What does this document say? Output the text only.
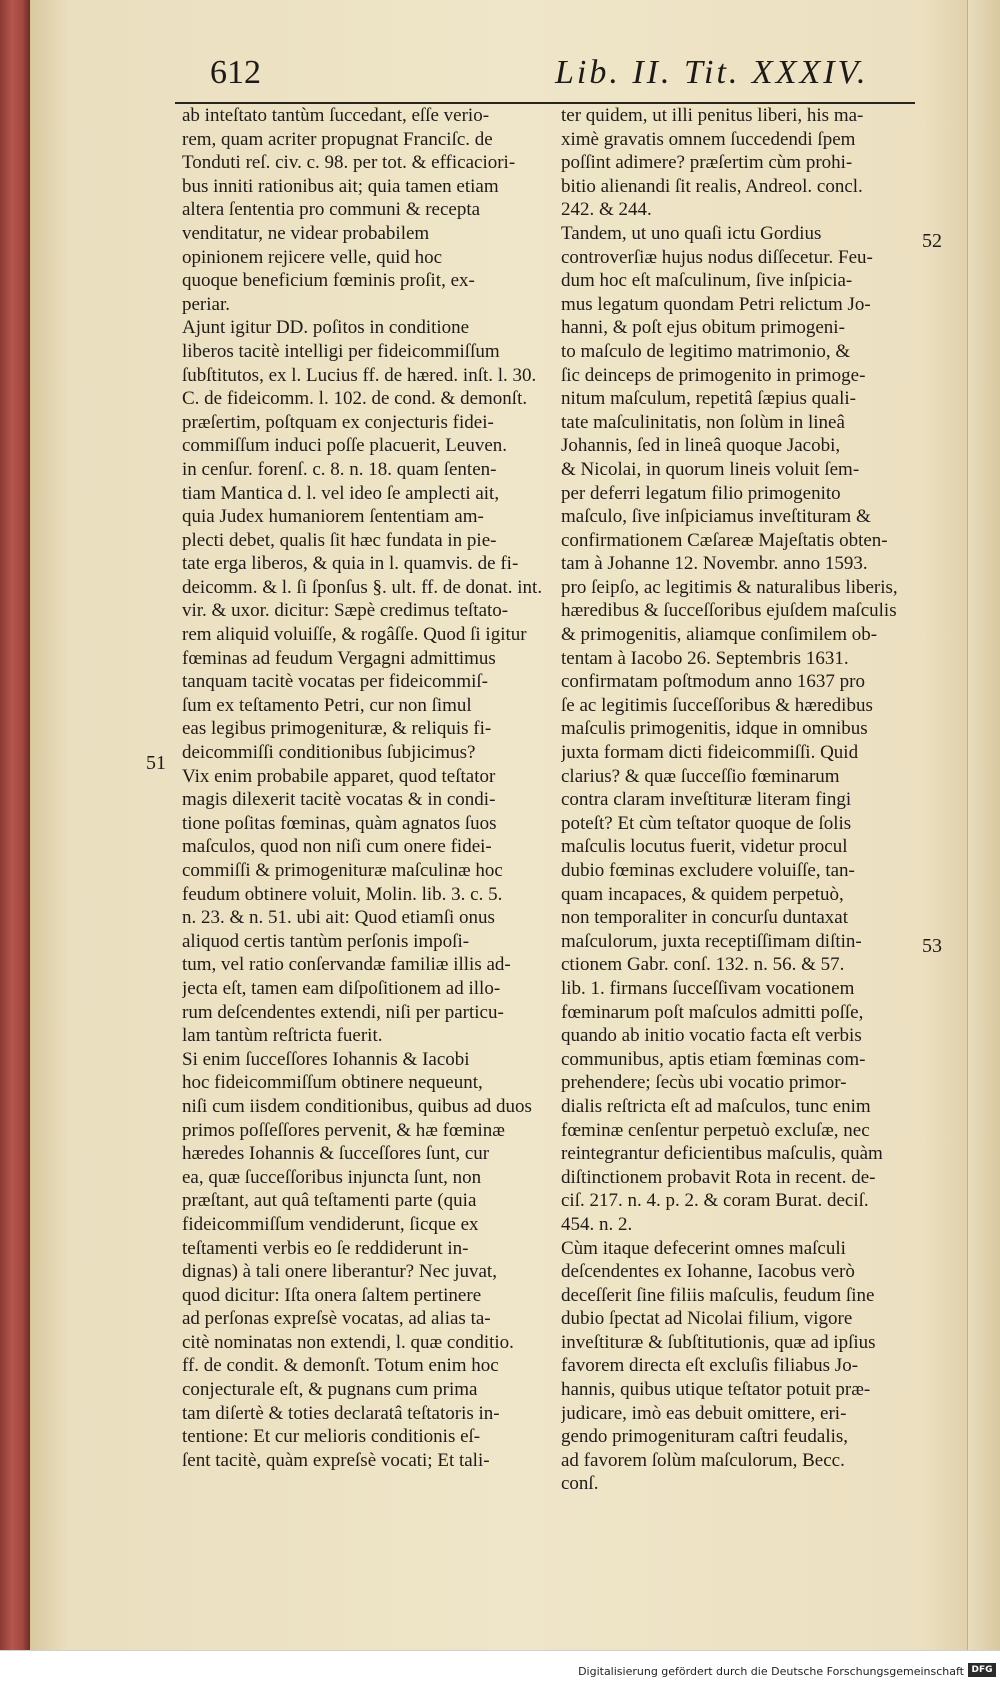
612	Lib. II. Tit. XXXIV.
ab inteſtato tantùm ſuccedant, eſſe verio-
rem, quam acriter propugnat Franciſc. de
Tonduti reſ. civ. c. 98. per tot. & efficaciori-
bus inniti rationibus ait; quia tamen etiam
altera ſententia pro communi & recepta
venditatur, ne videar probabilem
opinionem rejicere velle, quid hoc
quoque beneficium fœminis proſit, ex-
periar.
Ajunt igitur DD. poſitos in conditione
liberos tacitè intelligi per fideicommiſſum
ſubſtitutos, ex l. Lucius ff. de hæred. inſt. l. 30.
C. de fideicomm. l. 102. de cond. & demonſt.
præſertim, poſtquam ex conjecturis fidei-
commiſſum induci poſſe placuerit, Leuven.
in cenſur. forenſ. c. 8. n. 18. quam ſenten-
tiam Mantica d. l. vel ideo ſe amplecti ait,
quia Judex humaniorem ſententiam am-
plecti debet, qualis ſit hæc fundata in pie-
tate erga liberos, & quia in l. quamvis. de fi-
deicomm. & l. ſi ſponſus §. ult. ff. de donat. int.
vir. & uxor. dicitur: Sæpè credimus teſtato-
rem aliquid voluiſſe, & rogâſſe. Quod ſi igitur
fœminas ad feudum Vergagni admittimus
tanquam tacitè vocatas per fideicommiſ-
ſum ex teſtamento Petri, cur non ſimul
eas legibus primogenituræ, & reliquis fi-
deicommiſſi conditionibus ſubjicimus?
Vix enim probabile apparet, quod teſtator
magis dilexerit tacitè vocatas & in condi-
tione poſitas fœminas, quàm agnatos ſuos
maſculos, quod non niſi cum onere fidei-
commiſſi & primogenituræ maſculinæ hoc
feudum obtinere voluit, Molin. lib. 3. c. 5.
n. 23. & n. 51. ubi ait: Quod etiamſi onus
aliquod certis tantùm perſonis impoſi-
tum, vel ratio conſervandæ familiæ illis ad-
jecta eſt, tamen eam diſpoſitionem ad illo-
rum deſcendentes extendi, niſi per particu-
lam tantùm reſtricta fuerit.
Si enim ſucceſſores Iohannis & Iacobi
hoc fideicommiſſum obtinere nequeunt,
niſi cum iisdem conditionibus, quibus ad duos
primos poſſeſſores pervenit, & hæ fœminæ
hæredes Iohannis & ſucceſſores ſunt, cur
ea, quæ ſucceſſoribus injuncta ſunt, non
præſtant, aut quâ teſtamenti parte (quia
fideicommiſſum vendiderunt, ſicque ex
teſtamenti verbis eo ſe reddiderunt in-
dignas) à tali onere liberantur? Nec juvat,
quod dicitur: Iſta onera ſaltem pertinere
ad perſonas expreſsè vocatas, ad alias ta-
citè nominatas non extendi, l. quæ conditio.
ff. de condit. & demonſt. Totum enim hoc
conjecturale eſt, & pugnans cum prima
tam diſertè & toties declaratâ teſtatoris in-
tentione: Et cur melioris conditionis eſ-
ſent tacitè, quàm expreſsè vocati; Et tali-
ter quidem, ut illi penitus liberi, his ma-
ximè gravatis omnem ſuccedendi ſpem
poſſint adimere? præſertim cùm prohi-
bitio alienandi ſit realis, Andreol. concl.
242. & 244.
Tandem, ut uno quaſi ictu Gordius
controverſiæ hujus nodus diſſecetur. Feu-
dum hoc eſt maſculinum, ſive inſpicia-
mus legatum quondam Petri relictum Jo-
hanni, & poſt ejus obitum primogeni-
to maſculo de legitimo matrimonio, &
ſic deinceps de primogenito in primoge-
nitum maſculum, repetitâ ſæpius quali-
tate maſculinitatis, non ſolùm in lineâ
Johannis, ſed in lineâ quoque Jacobi,
& Nicolai, in quorum lineis voluit ſem-
per deferri legatum filio primogenito
maſculo, ſive inſpiciamus inveſtituram &
confirmationem Cæſareæ Majeſtatis obten-
tam à Johanne 12. Novembr. anno 1593.
pro ſeipſo, ac legitimis & naturalibus liberis,
hæredibus & ſucceſſoribus ejuſdem maſculis
& primogenitis, aliamque conſimilem ob-
tentam à Iacobo 26. Septembris 1631.
confirmatam poſtmodum anno 1637 pro
ſe ac legitimis ſucceſſoribus & hæredibus
maſculis primogenitis, idque in omnibus
juxta formam dicti fideicommiſſi. Quid
clarius? & quæ ſucceſſio fœminarum
contra claram inveſtituræ literam fingi
poteſt? Et cùm teſtator quoque de ſolis
maſculis locutus fuerit, videtur procul
dubio fœminas excludere voluiſſe, tan-
quam incapaces, & quidem perpetuò,
non temporaliter in concurſu duntaxat
maſculorum, juxta receptiſſimam diſtin-
ctionem Gabr. conſ. 132. n. 56. & 57.
lib. 1. firmans ſucceſſivam vocationem
fœminarum poſt maſculos admitti poſſe,
quando ab initio vocatio facta eſt verbis
communibus, aptis etiam fœminas com-
prehendere; ſecùs ubi vocatio primor-
dialis reſtricta eſt ad maſculos, tunc enim
fœminæ cenſentur perpetuò excluſæ, nec
reintegrantur deficientibus maſculis, quàm
diſtinctionem probavit Rota in recent. de-
ciſ. 217. n. 4. p. 2. & coram Burat. deciſ.
454. n. 2.
Cùm itaque defecerint omnes maſculi
deſcendentes ex Iohanne, Iacobus verò
deceſſerit ſine filiis maſculis, feudum ſine
dubio ſpectat ad Nicolai filium, vigore
inveſtituræ & ſubſtitutionis, quæ ad ipſius
favorem directa eſt excluſis filiabus Jo-
hannis, quibus utique teſtator potuit præ-
judicare, imò eas debuit omittere, eri-
gendo primogenituram caſtri feudalis,
ad favorem ſolùm maſculorum, Becc.
conſ.
51
52
53
Digitalisierung gefördert durch die Deutsche Forschungsgemeinschaft DFG
